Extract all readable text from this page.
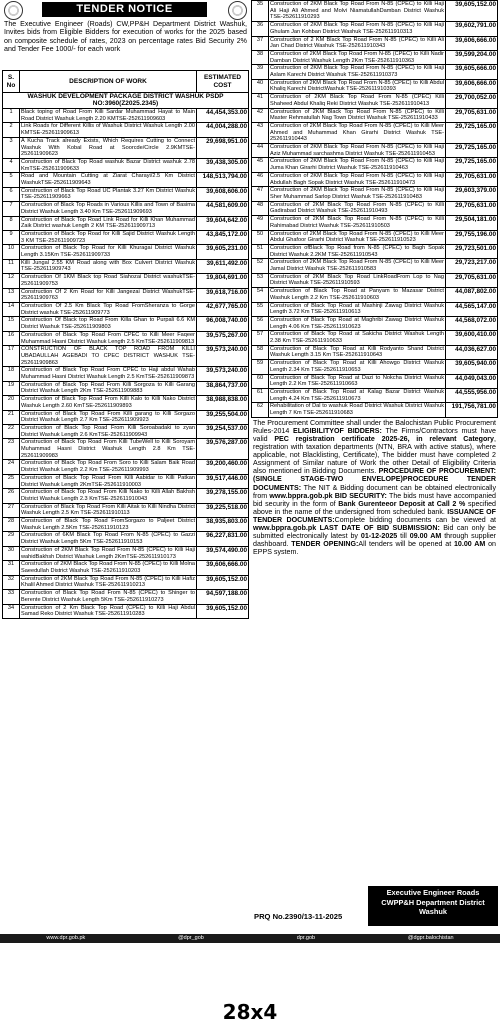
TENDER NOTICE
The Executive Engineer (Roads) CW,PP&H Department District Washuk, Invites bids from Eligible Bidders for execution of works for the 2025 based on composite schedule of rates, 2023 on percentage rates Bid Security 2% and Tender Fee 1000/- for each work
S. No	DESCRIPTION OF WORK	ESTIMATED COST
WASHUK DEVELOPMENT PACKAGE DISTRICT WASHUK PSDP NO:3960(Z2025.2345)		
1	Black toping of Road From Killi Sardar Muhammad Hayat to Main Road District Washuk Length 2.20 KMTSE-252611909603	44,454,353.00
2	Link Roads for Different Killis of Washuk District Washuk Length 2.00 KMTSE-252611909613	44,004,288.00
3	A Kucha Track already Exists, Which Requires Cutting to Connect Washuk With Kobal Road at Soorcde/Circle 2.9KMTSE-252611909623	29,698,951.00
4	Construction of Black Top Road washuk Bazar District washuk 2.78 KmTSE-252611909633	39,438,305.00
5	Road and Mountain Cutting at Ziarat Charayi/2.5 Km District WashukTSE-252611909643	148,513,794.00
6	Construction of Black Top Road UC Plantak 3.27 Km District Washuk TSE-252611909663	39,608,606.00
7	Construction of Black Top Roads in Various Killis and Town of Basima District Washuk Length 3.40 Km TSE-252611909693	44,581,609.00
8	Construction of Black Top Road Link Road for Killi Khan Muhammad Zaik District washuk Length 2 KM TSE-252611909713	39,604,642.00
9	Construction of Black Top Road for Killi Sajid District Washuk Length 3 KM TSE-252611909723	43,845,172.00
10	Construction of Black Top Road for Killi Khuragai District Washuk Length 3.15Km TSE-252611909733	39,605,231.00
11	Killi Jungal 2.55 KM Road along with Box Culvert District Washuk TSE-252611909743	39,611,492.00
12	Construction Of 1KM Black top Road Siahozai District washukTSE-252611909753	19,804,691.00
13	Construction Of 2 Km Road for Killi Jangezai District WashukTSE-252611909763	39,618,716.00
14	Construction Of 2.5 Km Black Top Road FromSheranza to Gorge District washuk TSE-252611909773	42,677,765.00
15	Construction Of Black top Road From Killa Ghan to Purpali 6.6 KM District Washuk TSE-252611909803	96,008,740.00
16	Construction of Black Top Road From CPEC to Killi Meer Faqeer Muhammad Hasni District Washuk Length 2.5 KmTSE-252611909813	39,575,267.00
17	CONSTRUCTION OF BLACK TOP ROAD FROM KILLI UBADAULLAH AGEBADI TO CPEC DISTRICT WASHUK TSE-252611909863	39,573,240.00
18	Construction of Black Top Road From CPEC to Haji abdul Wahab Muhammad Hasni District Washuk Length 2.5 KmTSE-252611909873	39,573,240.00
19	Construction of Black Top Road From Killi Sorgoza to Killi Garang District Washuk Length 2Km TSE-252611909883	38,864,737.00
20	Construction of Black Top Road From Killi Kalo to Killi Nako District Washuk Length 2.60 KmTSE-252611909893	38,988,838.00
21	Construction of Black Top Road From Killi garang to Killi Sorgazo District Washuk Length 2.7 Km TSE-252611909923	39,255,504.00
22	Construction of Black Top Road From Killi Soroabadaki to zyan District Washuk Length 2.6 KmTSE-252611909943	39,254,537.00
23	Construction of Black Top Road From Killi TubeWell to Killi Soroyam Muhammad Hasni District Washuk Length 2.8 Km TSE-252611909983	39,576,287.00
24	Construction of Black Top Road From Soro to Killi Salam Baik Road District Washuk Length 2.2 Km TSE-252611909993	39,200,460.00
25	Construction of Black Top Road From Killi Aabidar to Killi Patkan District Washuk Length 2KmTSE-252611910003	39,517,446.00
26	Construction of Black Top Road From Killi Nako to Killi Allah Bakhsh District Washuk Length 2.3 KmTSE-252611910043	39,278,155.00
27	Construction of Black Top Road From Killi Aitak to Killi Nindha District Washuk Length 2.5 Km TSE-252611910113	39,225,518.00
28	Construction of Black Top Road FromSorgazo to Paljeet District Washuk Length 2.5Km TSE-252611910123	38,935,803.00
29	Construction of 6KM Black Top Road From N-85 (CPEC) to Gazzi District Washuk Length 5Km TSE-252611910153	96,227,831.00
30	Construction of 2KM Black Top Road From N-85 (CPEC) to Killi Haji wahidBakhsh District Washuk Length 2KmTSE-252611910173	39,574,490.00
31	Construction of 2KM Black Top Road From N-85 (CPEC) to Killi Molna Saeedullah District Washuk TSE-252611910203	39,606,666.00
32	Construction of 2KM Black Top Road From N-85 (CPEC) to Killi Hafiz Khalil Ahmed District Washuk TSE-252611910213	39,605,152.00
33	Construction of Black Top Road From N-85 (CPEC) to Shinger to Berente District Washuk Length 5Km TSE-252611910273	94,597,188.00
34	Construction of 2 Km Black Top Road (CPEC) to Killi Haji Abdul Samad Reko District Washuk TSE-252611910283	39,605,152.00
35	Construction of 2KM Black Top Road From N-85 (CPEC) to Killi Haji Ali Haji Ali Ahmed and Molvi NiamatullahDamban District Washuk TSE-252611910293	39,605,152.00
36	Construction of 2KM Black Top Road From N-85 (CPEC) to Killi Haji Ghulam Jan Kohban District Washuk TSE-252611910313	39,602,791.00
37	Construction of 2 KM Black Top Road From N-85 (CPEC) to Killi Ali Jan Chad District Washuk TSE-252611910343	39,606,666.00
38	Construction of 2KM Black Top Road From N-85 (CPEC) to Killi Nadir Damban District Washuk Length 2Km TSE-252611910363	39,599,204.00
39	Construction of 2KM Black Top Road From N-85 (CPEC) to Killi Haji Aslam Karechi District Washuk TSE-252611910373	39,605,666.00
40	Construction of 2KM Black Top Road From N-85 (CPEC) to Killi Abdul Khaliq Karechi DistrictWashuk TSE-252611910393	39,606,666.00
41	Construction of 2KM Black Top Road From N-85 (CPEC) Killi Shaheed Abdul Khaliq Reki District Washuk TSE-252611910413	29,700,052.00
42	Construction of 2KM Black Top Road From N-85 (CPEC) to Killi Master Rehmatullah Nag Town District Washuk TSE-252611910433	29,705,631.00
43	Construction of 2KM Black Top Road From N-85 (CPEC) to Killi Meer Ahmed and Muhammad Khan Girarhi District Washuk TSE-252611910443	29,725,165.00
44	Construction of 2KM Black Top Road From N-85 (CPEC) to Killi Haji Aziz Muhammad sarchashma District Washuk TSE-252611910453	29,725,165.00
45	Construction of 2KM Black Top Road From N-85 (CPEC) to Killi Haji Juma Khan Girarhi District Washuk TSE-252611910463	29,725,165.00
46	Construction of 2KM Black Top Road From N-85 (CPEC) to Killi Haji Abdullah Bagh Sopak District Washuk TSE-252611910473	29,705,631.00
47	Construction of 2KM Black Top Road From N-85 (CPEC) to Killi Haji Sher Muhammad Sarlop District Washuk TSE-252611910483	29,603,379.00
48	Construction of 2KM Black Top Road From N-85 (CPEC) to Killi Gadirabad District Washuk TSE-252611910493	29,705,631.00
49	Construction of 2KM Black Top Road From N-85 (CPEC) to Killi Rahimabad District Washuk TSE-252611910503	29,504,181.00
50	Construction of 2KM Black Top Road From N-85 (CPEC) to Killi Meer Abdul Ghafoor Girarhi District Washuk TSE-252611910523	29,755,196.00
51	Construction ofBlack Top Road from N-85 (CPEC) to Bagh Sopak District Washuk 2.2KM TSE-252611910543	29,723,501.00
52	Construction of 2KM Black Top Road From N-85 (CPEC) to Killi Meer Jamal District Washuk TSE-252611910583	29,723,217.00
53	Construction of 2KM Black Top Road LinkRoadFrom Lop to Nag District Washuk TSE-252611910593	29,705,631.00
54	Construction of Black Top Road at Panyam to Mazasar District Washuk Length 2.2 Km TSE-252611910603	44,087,802.00
55	Construction of Black Top Road at Mashinji Zawag District Washuk Length 3.72 Km TSE-252611910613	44,565,147.00
56	Construction of Black Top Road at Maghribi Zawag District Washuk Length 4.06 Km TSE-252611910623	44,568,072.00
57	Construction of Black Top Road at Sakicha District Washuk Length 2.38 Km TSE-252611910633	39,600,410.00
58	Construction of Black Top Road at Killi Rodyanto Shand District Washuk Length 3.15 Km TSE-252611910643	44,036,627.00
59	Construction of Black Top Road at Killi Ahowgo District Washuk Length 2.34 Km TSE-252611910653	39,605,940.00
60	Construction of Black Top Road at Dazi to Nokcha District Washuk Length 2.2 Km TSE-252611910663	44,049,043.00
61	Construction of Black Top Road at Kalag Bazar District Washuk Length 4.24 Km TSE-252611910673	44,555,956.00
62	Rehabilitation of Dal to washuk Road District Washuk District Washuk Length 7 Km TSE-252611910683	191,756,781.00
The Procurement Committee shall under the Balochistan Public Procurement Rules-2014 ELIGIBILITYOF BIDDERS: The Firms/Contractors must have valid PEC registration certificate 2025-26, in relevant Category, registration with taxation departments (NTN, BRA with active status), where applicable, not Blacklisting, Certificate), The bidder must have completed 2 Assignment of Similar nature of Work the other Detail of Eligibility Criteria also mentioned in Bidding Documents. PROCEDURE OF PROCUREMENT: (SINGLE STAGE-TWO ENVELOPE)PROCEDURE TENDER DOCUMENTS: The NIT & Bidding document can be obtained electronically from www.bppra.gob.pk BID SECURITY: The bids must have accompanied bid security in the form of Bank Gurenteeor Deposit at Call 2 % specified above in the name of the undersigned from scheduled bank. ISSUANCE OF TENDER DOCUMENTS:Complete bidding documents can be viewed at www.bppra.gob.pk LAST DATE OF BID SUBMISSION: Bid can only be submitted electronically latest by 01-12-2025 till 09.00 AM through supplier dashboard. TENDER OPENING:All tenders will be opened at 10.00 AM on EPPS system.
Executive Engineer Roads
CWPP&H Department District
Washuk
PRQ No.2390/13-11-2025
www.dpr.gob.pk	@dpr_gob	dpr.gob	@dgpr.balochistan
28x4
